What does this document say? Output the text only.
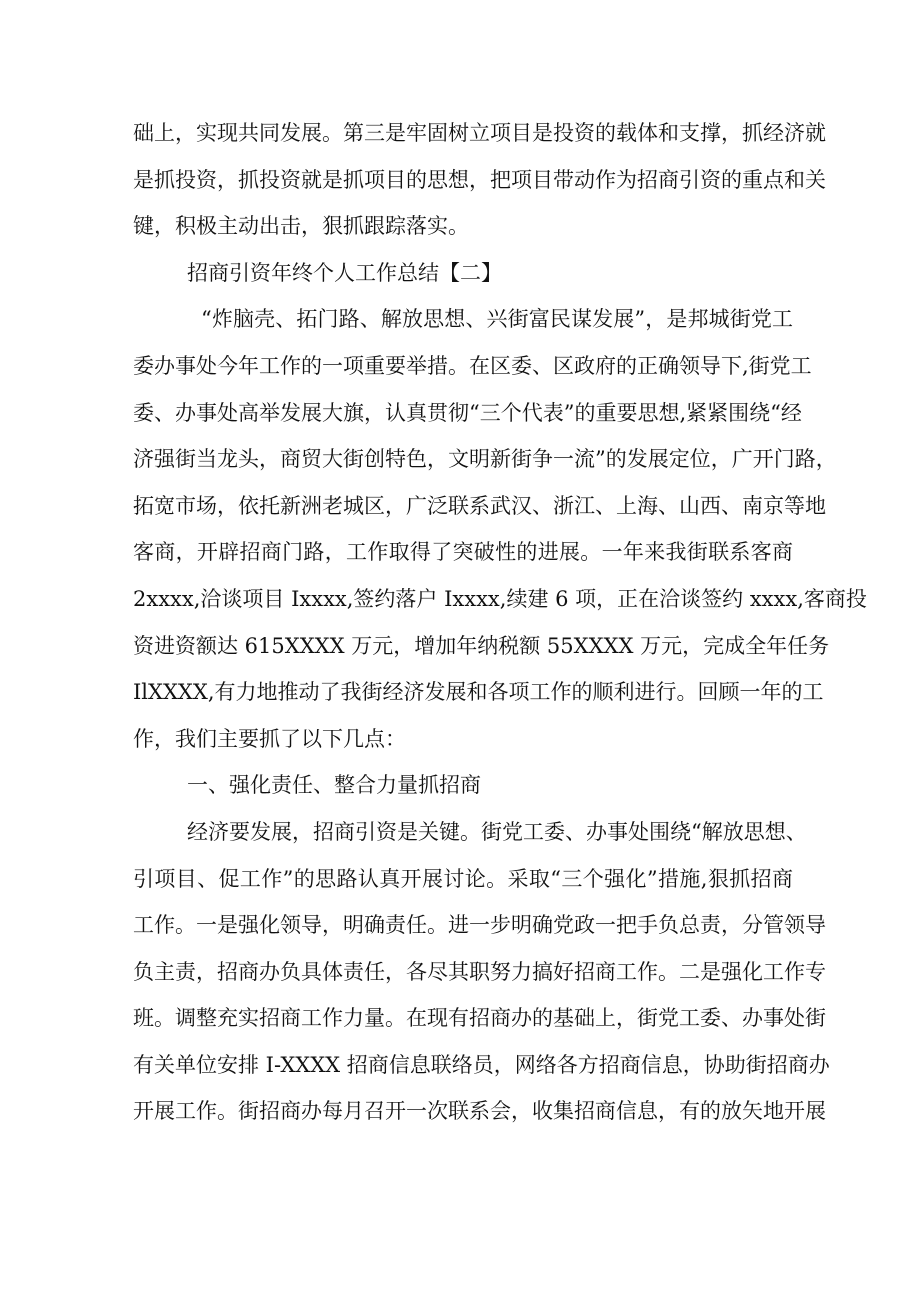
础上，实现共同发展。第三是牢固树立项目是投资的载体和支撑，抓经济就
是抓投资，抓投资就是抓项目的思想，把项目带动作为招商引资的重点和关
键，积极主动出击，狠抓跟踪落实。
招商引资年终个人工作总结【二】
“炸脑壳、拓门路、解放思想、兴街富民谋发展”，是邦城街党工
委办事处今年工作的一项重要举措。在区委、区政府的正确领导下,街党工
委、办事处高举发展大旗，认真贯彻“三个代表”的重要思想,紧紧围绕“经
济强街当龙头，商贸大街创特色，文明新街争一流”的发展定位，广开门路，
拓宽市场，依托新洲老城区，广泛联系武汉、浙江、上海、山西、南京等地
客商，开辟招商门路，工作取得了突破性的进展。一年来我街联系客商
2xxxx,洽谈项目 Ixxxx,签约落户 Ixxxx,续建 6 项，正在洽谈签约 xxxx,客商投
资进资额达 615XXXX 万元，增加年纳税额 55XXXX 万元，完成全年任务
IlXXXX,有力地推动了我街经济发展和各项工作的顺利进行。回顾一年的工
作，我们主要抓了以下几点：
一、强化责任、整合力量抓招商
经济要发展，招商引资是关键。街党工委、办事处围绕“解放思想、
引项目、促工作”的思路认真开展讨论。采取“三个强化”措施,狠抓招商
工作。一是强化领导，明确责任。进一步明确党政一把手负总责，分管领导
负主责，招商办负具体责任，各尽其职努力搞好招商工作。二是强化工作专
班。调整充实招商工作力量。在现有招商办的基础上，街党工委、办事处街
有关单位安排 I-XXXX 招商信息联络员，网络各方招商信息，协助街招商办
开展工作。街招商办每月召开一次联系会，收集招商信息，有的放矢地开展
